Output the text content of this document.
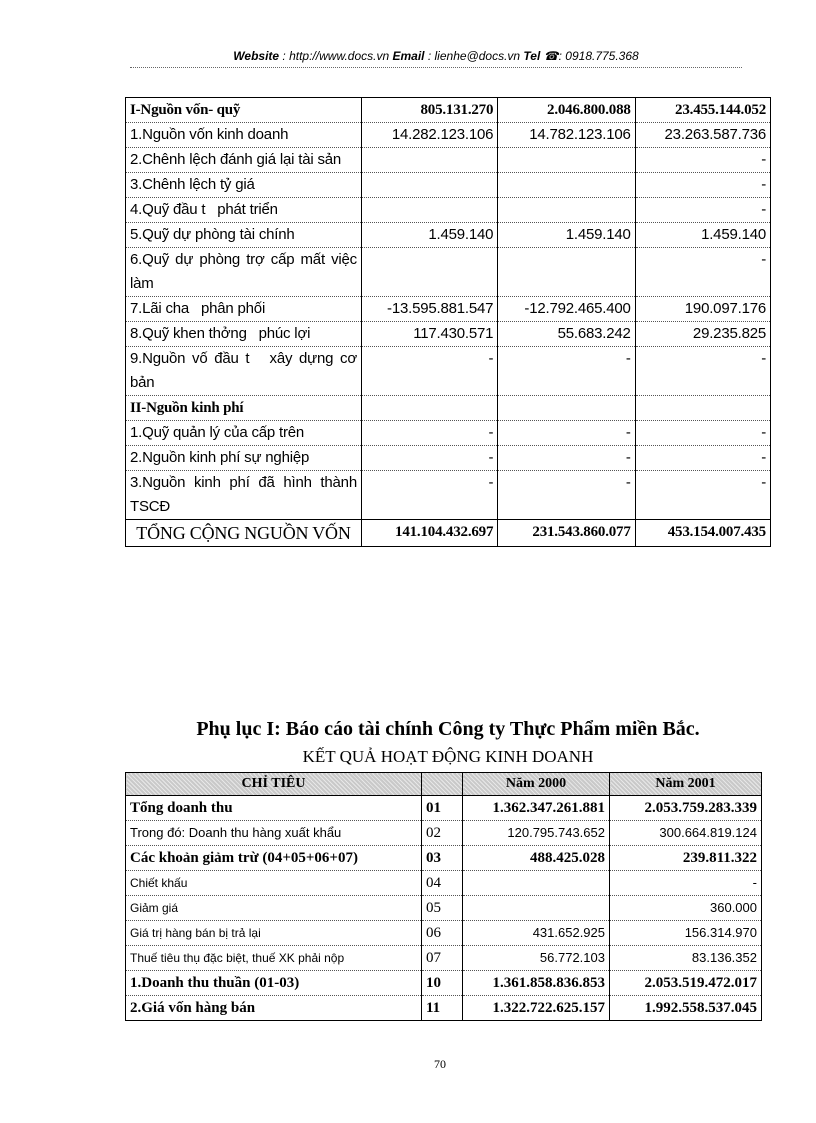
Website : http://www.docs.vn Email : lienhe@docs.vn Tel ☎: 0918.775.368
I-Nguồn vốn- quỹ	805.131.270	2.046.800.088	23.455.144.052
1.Nguồn vốn kinh doanh	14.282.123.106	14.782.123.106	23.263.587.736
2.Chênh lệch đánh giá lại tài sản			-
3.Chênh lệch tỷ giá			-
4.Quỹ đầu t   phát triển			-
5.Quỹ dự phòng tài chính	1.459.140	1.459.140	1.459.140
6.Quỹ dự phòng trợ cấp mất việc làm			-
7.Lãi cha   phân phối	-13.595.881.547	-12.792.465.400	190.097.176
8.Quỹ khen thởng   phúc lợi	117.430.571	55.683.242	29.235.825
9.Nguồn vố đầu t   xây dựng cơ bản	-	-	-
II-Nguồn kinh phí			
1.Quỹ quản lý của cấp trên	-	-	-
2.Nguồn kinh phí sự nghiệp	-	-	-
3.Nguồn kinh phí đã hình thành TSCĐ	-	-	-
TỔNG CỘNG NGUỒN VỐN	141.104.432.697	231.543.860.077	453.154.007.435
Phụ lục I: Báo cáo tài chính Công ty Thực Phẩm miền Bắc.
KẾT QUẢ HOẠT ĐỘNG KINH DOANH
CHỈ TIÊU		Năm 2000	Năm 2001
Tổng doanh thu	01	1.362.347.261.881	2.053.759.283.339
Trong đó: Doanh thu hàng xuất khẩu	02	120.795.743.652	300.664.819.124
Các khoản giảm trừ (04+05+06+07)	03	488.425.028	239.811.322
Chiết khấu	04		-
Giảm giá	05		360.000
Giá trị hàng bán bị trả lại	06	431.652.925	156.314.970
Thuế tiêu thụ đặc biệt, thuế XK phải nộp	07	56.772.103	83.136.352
1.Doanh thu thuần (01-03)	10	1.361.858.836.853	2.053.519.472.017
2.Giá vốn hàng bán	11	1.322.722.625.157	1.992.558.537.045
70
